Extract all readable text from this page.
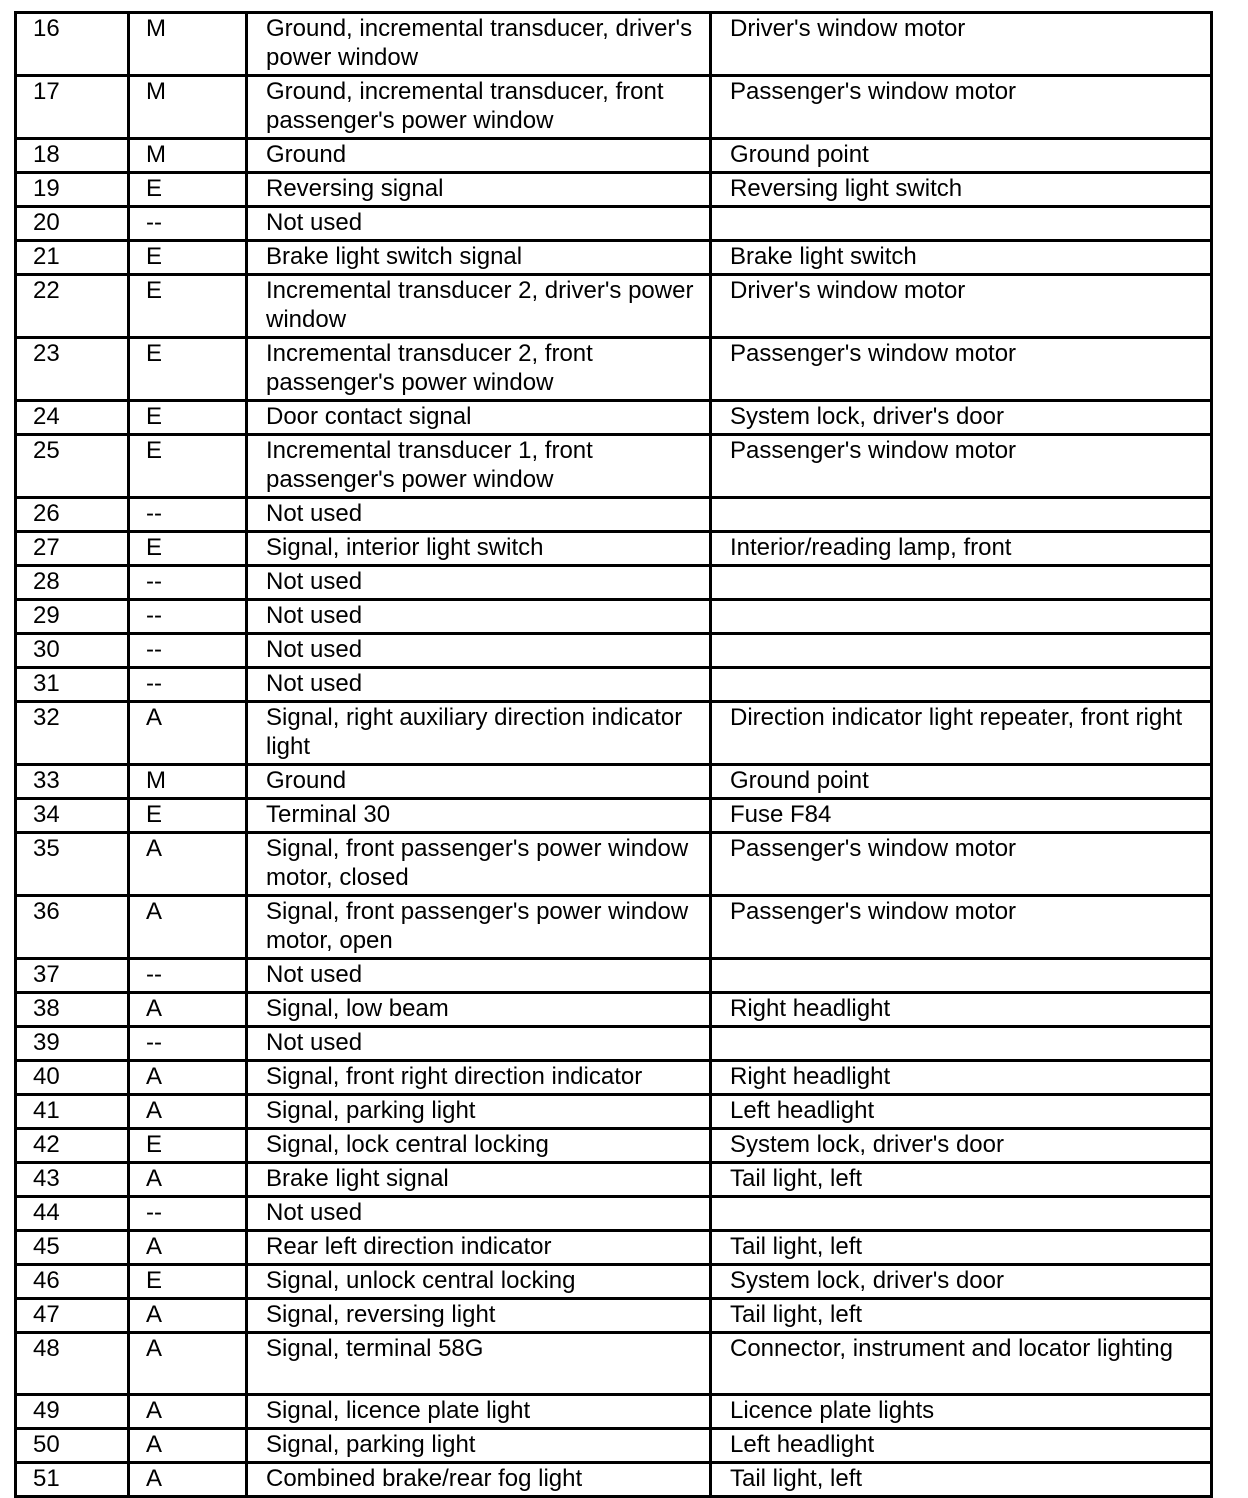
16	M	Ground, incremental transducer, driver's power window	Driver's window motor
17	M	Ground, incremental transducer, front passenger's power window	Passenger's window motor
18	M	Ground	Ground point
19	E	Reversing signal	Reversing light switch
20	--	Not used	
21	E	Brake light switch signal	Brake light switch
22	E	Incremental transducer 2, driver's power window	Driver's window motor
23	E	Incremental transducer 2, front passenger's power window	Passenger's window motor
24	E	Door contact signal	System lock, driver's door
25	E	Incremental transducer 1, front passenger's power window	Passenger's window motor
26	--	Not used	
27	E	Signal, interior light switch	Interior/reading lamp, front
28	--	Not used	
29	--	Not used	
30	--	Not used	
31	--	Not used	
32	A	Signal, right auxiliary direction indicator light	Direction indicator light repeater, front right
33	M	Ground	Ground point
34	E	Terminal 30	Fuse F84
35	A	Signal, front passenger's power window motor, closed	Passenger's window motor
36	A	Signal, front passenger's power window motor, open	Passenger's window motor
37	--	Not used	
38	A	Signal, low beam	Right headlight
39	--	Not used	
40	A	Signal, front right direction indicator	Right headlight
41	A	Signal, parking light	Left headlight
42	E	Signal, lock central locking	System lock, driver's door
43	A	Brake light signal	Tail light, left
44	--	Not used	
45	A	Rear left direction indicator	Tail light, left
46	E	Signal, unlock central locking	System lock, driver's door
47	A	Signal, reversing light	Tail light, left
48	A	Signal, terminal 58G	Connector, instrument and locator lighting
49	A	Signal, licence plate light	Licence plate lights
50	A	Signal, parking light	Left headlight
51	A	Combined brake/rear fog light	Tail light, left
